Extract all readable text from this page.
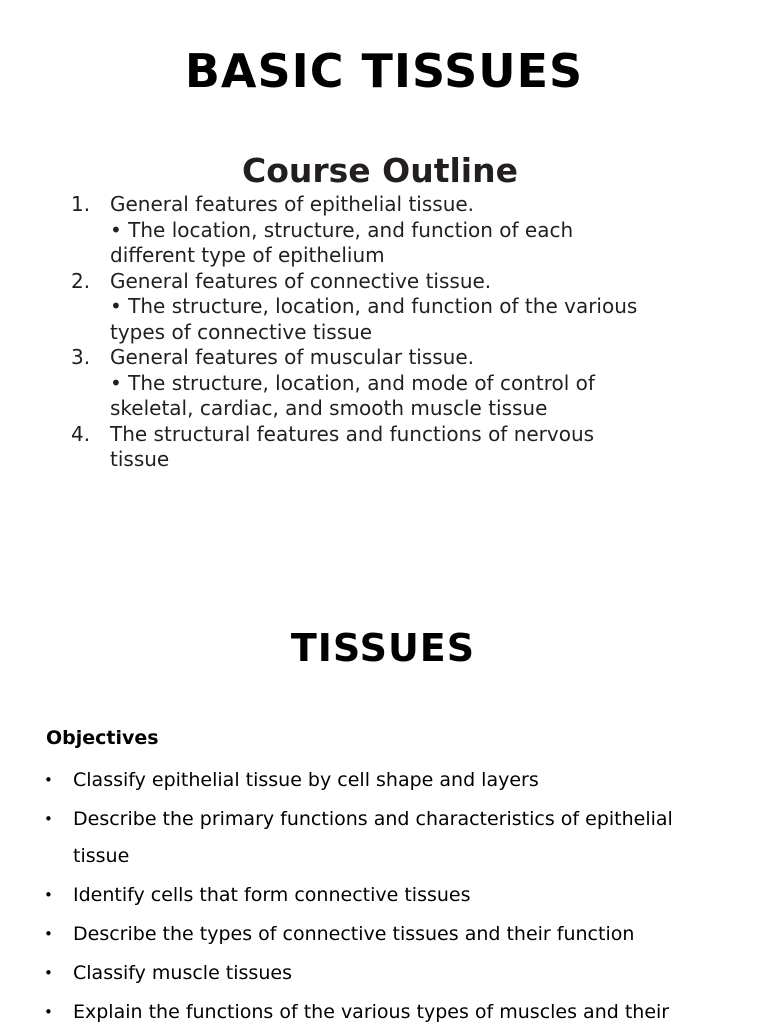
BASIC TISSUES
Course Outline
1. General features of epithelial tissue.
• The location, structure, and function of each
different type of epithelium
2. General features of connective tissue.
• The structure, location, and function of the various
types of connective tissue
3. General features of muscular tissue.
• The structure, location, and mode of control of
skeletal, cardiac, and smooth muscle tissue
4. The structural features and functions of nervous
tissue
TISSUES

Objectives

• Classify epithelial tissue by cell shape and layers
• Describe the primary functions and characteristics of epithelial
tissue
• Identify cells that form connective tissues
• Describe the types of connective tissues and their function
• Classify muscle tissues
• Explain the functions of the various types of muscles and their
